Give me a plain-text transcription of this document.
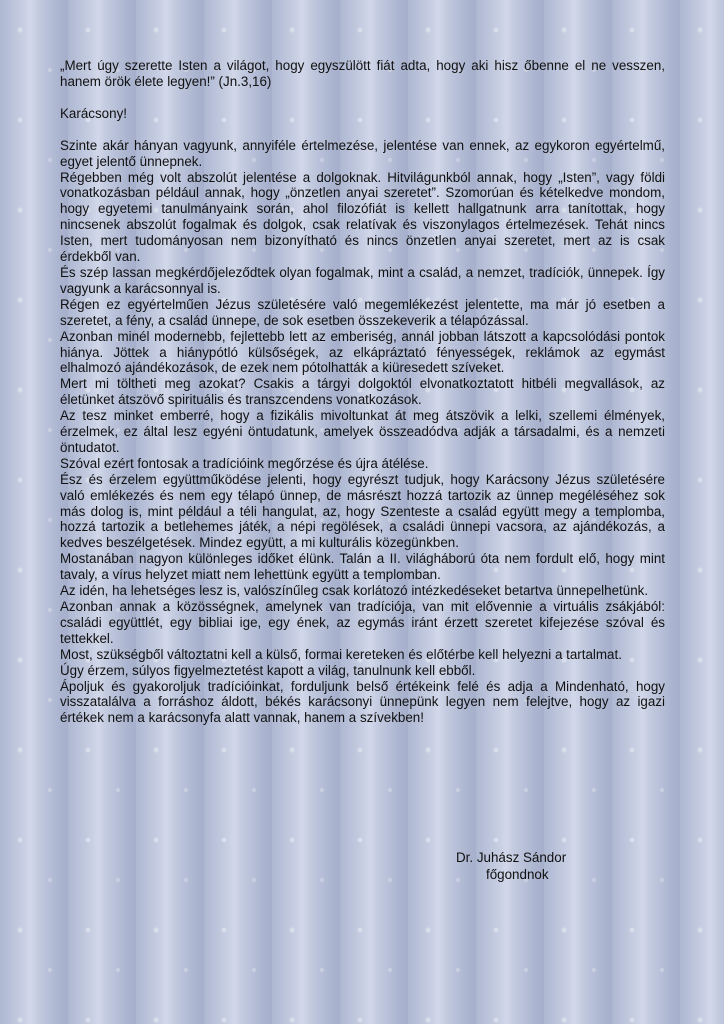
„Mert úgy szerette Isten a világot, hogy egyszülött fiát adta, hogy aki hisz őbenne el ne vesszen, hanem örök élete legyen!” (Jn.3,16)

Karácsony!

Szinte akár hányan vagyunk, annyiféle értelmezése, jelentése van ennek, az egykoron egyértelmű, egyet jelentő ünnepnek.

Régebben még volt abszolút jelentése a dolgoknak. Hitvilágunkból annak, hogy „Isten”, vagy földi vonatkozásban például annak, hogy „önzetlen anyai szeretet”. Szomorúan és kételkedve mondom, hogy egyetemi tanulmányaink során, ahol filozófiát is kellett hallgatnunk arra tanítottak, hogy nincsenek abszolút fogalmak és dolgok, csak relatívak és viszonylagos értelmezések. Tehát nincs Isten, mert tudományosan nem bizonyítható és nincs önzetlen anyai szeretet, mert az is csak érdekből van.

És szép lassan megkérdőjeleződtek olyan fogalmak, mint a család, a nemzet, tradíciók, ünnepek. Így vagyunk a karácsonnyal is.

Régen ez egyértelműen Jézus születésére való megemlékezést jelentette, ma már jó esetben a szeretet, a fény, a család ünnepe, de sok esetben összekeverik a télapózással.

Azonban minél modernebb, fejlettebb lett az emberiség, annál jobban látszott a kapcsolódási pontok hiánya. Jöttek a hiánypótló külsőségek, az elkápráztató fényességek, reklámok az egymást elhalmozó ajándékozások, de ezek nem pótolhatták a kiüresedett szíveket.

Mert mi töltheti meg azokat? Csakis a tárgyi dolgoktól elvonatkoztatott hitbéli megvallások, az életünket átszövő spirituális és transzcendens vonatkozások.

Az tesz minket emberré, hogy a fizikális mivoltunkat át meg átszövik a lelki, szellemi élmények, érzelmek, ez által lesz egyéni öntudatunk, amelyek összeadódva adják a társadalmi, és a nemzeti öntudatot.

Szóval ezért fontosak a tradícióink megőrzése és újra átélése.

Ész és érzelem együttműködése jelenti, hogy egyrészt tudjuk, hogy Karácsony Jézus születésére való emlékezés és nem egy télapó ünnep, de másrészt hozzá tartozik az ünnep megéléséhez sok más dolog is, mint például a téli hangulat, az, hogy Szenteste a család együtt megy a templomba, hozzá tartozik a betlehemes játék, a népi regölések, a családi ünnepi vacsora, az ajándékozás, a kedves beszélgetések. Mindez együtt, a mi kulturális közegünkben.

Mostanában nagyon különleges időket élünk. Talán a II. világháború óta nem fordult elő, hogy mint tavaly, a vírus helyzet miatt nem lehettünk együtt a templomban.

Az idén, ha lehetséges lesz is, valószínűleg csak korlátozó intézkedéseket betartva ünnepelhetünk.

Azonban annak a közösségnek, amelynek van tradíciója, van mit elővennie a virtuális zsákjából: családi együttlét, egy bibliai ige, egy ének, az egymás iránt érzett szeretet kifejezése szóval és tettekkel.

Most, szükségből változtatni kell a külső, formai kereteken és előtérbe kell helyezni a tartalmat.

Úgy érzem, súlyos figyelmeztetést kapott a világ, tanulnunk kell ebből.

Ápoljuk és gyakoroljuk tradícióinkat, forduljunk belső értékeink felé és adja a Mindenható, hogy visszatalálva a forráshoz áldott, békés karácsonyi ünnepünk legyen nem felejtve, hogy az igazi értékek nem a karácsonyfa alatt vannak, hanem a szívekben!

Dr. Juhász Sándor
főgondnok
